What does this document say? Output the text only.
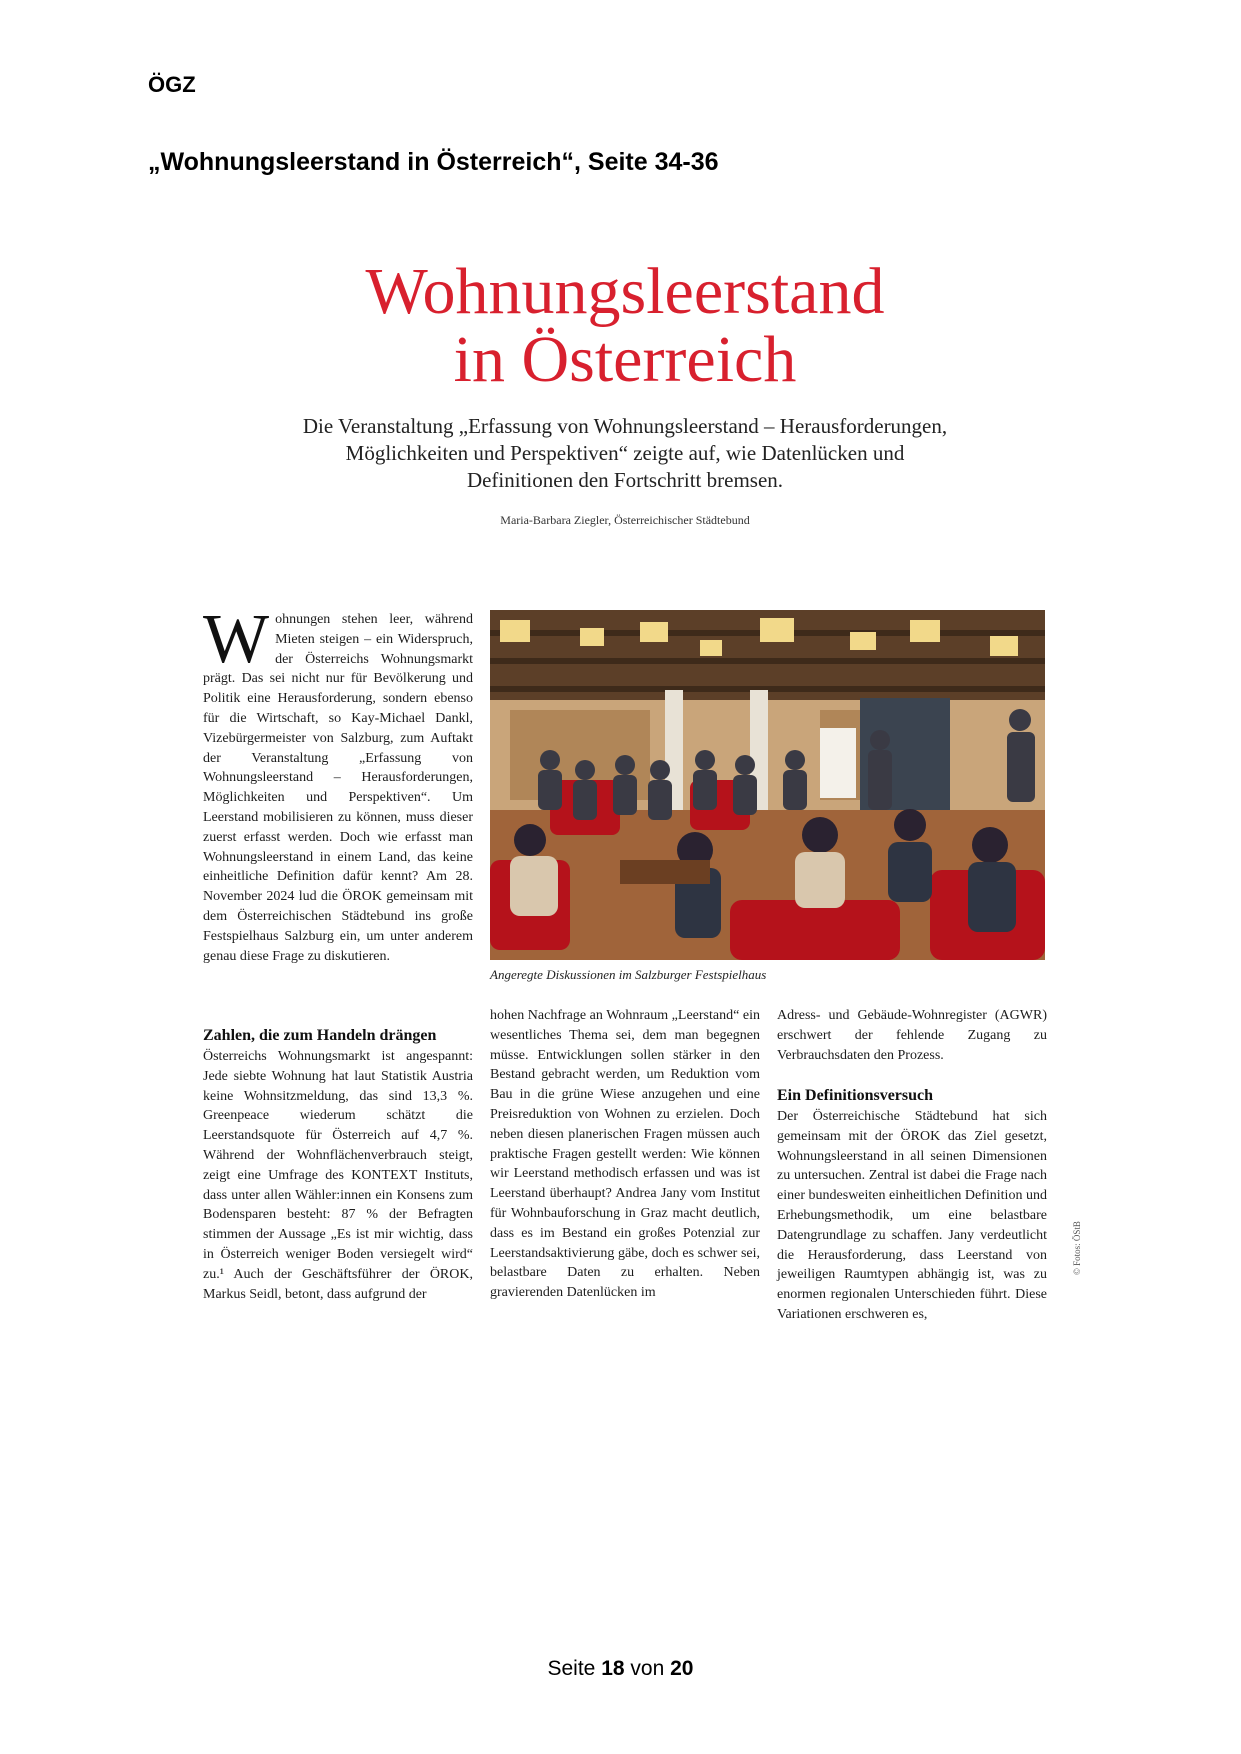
ÖGZ
„Wohnungsleerstand in Österreich“, Seite 34-36
Wohnungsleerstand
in Österreich
Die Veranstaltung „Erfassung von Wohnungsleerstand – Herausforderungen, Möglichkeiten und Perspektiven“ zeigte auf, wie Datenlücken und Definitionen den Fortschritt bremsen.
Maria-Barbara Ziegler, Österreichischer Städtebund
W ohnungen stehen leer, während Mieten steigen – ein Widerspruch, der Österreichs Wohnungsmarkt prägt. Das sei nicht nur für Bevölkerung und Politik eine Herausforderung, sondern ebenso für die Wirtschaft, so Kay-Michael Dankl, Vizebürgermeister von Salzburg, zum Auftakt der Veranstaltung „Erfassung von Wohnungsleerstand – Herausforderungen, Möglichkeiten und Perspektiven“. Um Leerstand mobilisieren zu können, muss dieser zuerst erfasst werden. Doch wie erfasst man Wohnungsleerstand in einem Land, das keine einheitliche Definition dafür kennt? Am 28. November 2024 lud die ÖROK gemeinsam mit dem Österreichischen Städtebund ins große Festspielhaus Salzburg ein, um unter anderem genau diese Frage zu diskutieren.

Angeregte Diskussionen im Salzburger Festspielhaus
Zahlen, die zum Handeln drängen

Österreichs Wohnungsmarkt ist angespannt: Jede siebte Wohnung hat laut Statistik Austria keine Wohnsitzmeldung, das sind 13,3 %. Greenpeace wiederum schätzt die Leerstandsquote für Österreich auf 4,7 %. Während der Wohnflächenverbrauch steigt, zeigt eine Umfrage des KONTEXT Instituts, dass unter allen Wähler:innen ein Konsens zum Bodensparen besteht: 87 % der Befragten stimmen der Aussage „Es ist mir wichtig, dass in Österreich weniger Boden versiegelt wird“ zu.¹ Auch der Geschäftsführer der ÖROK, Markus Seidl, betont, dass aufgrund der

hohen Nachfrage an Wohnraum „Leerstand“ ein wesentliches Thema sei, dem man begegnen müsse. Entwicklungen sollen stärker in den Bestand gebracht werden, um Reduktion vom Bau in die grüne Wiese anzugehen und eine Preisreduktion von Wohnen zu erzielen. Doch neben diesen planerischen Fragen müssen auch praktische Fragen gestellt werden: Wie können wir Leerstand methodisch erfassen und was ist Leerstand überhaupt? Andrea Jany vom Institut für Wohnbauforschung in Graz macht deutlich, dass es im Bestand ein großes Potenzial zur Leerstandsaktivierung gäbe, doch es schwer sei, belastbare Daten zu erhalten. Neben gravierenden Datenlücken im

Adress- und Gebäude-Wohnregister (AGWR) erschwert der fehlende Zugang zu Verbrauchsdaten den Prozess.

Ein Definitionsversuch

Der Österreichische Städtebund hat sich gemeinsam mit der ÖROK das Ziel gesetzt, Wohnungsleerstand in all seinen Dimensionen zu untersuchen. Zentral ist dabei die Frage nach einer bundesweiten einheitlichen Definition und Erhebungsmethodik, um eine belastbare Datengrundlage zu schaffen. Jany verdeutlicht die Herausforderung, dass Leerstand von jeweiligen Raumtypen abhängig ist, was zu enormen regionalen Unterschieden führt. Diese Variationen erschweren es,

© Fotos: ÖStB
Seite 18 von 20
